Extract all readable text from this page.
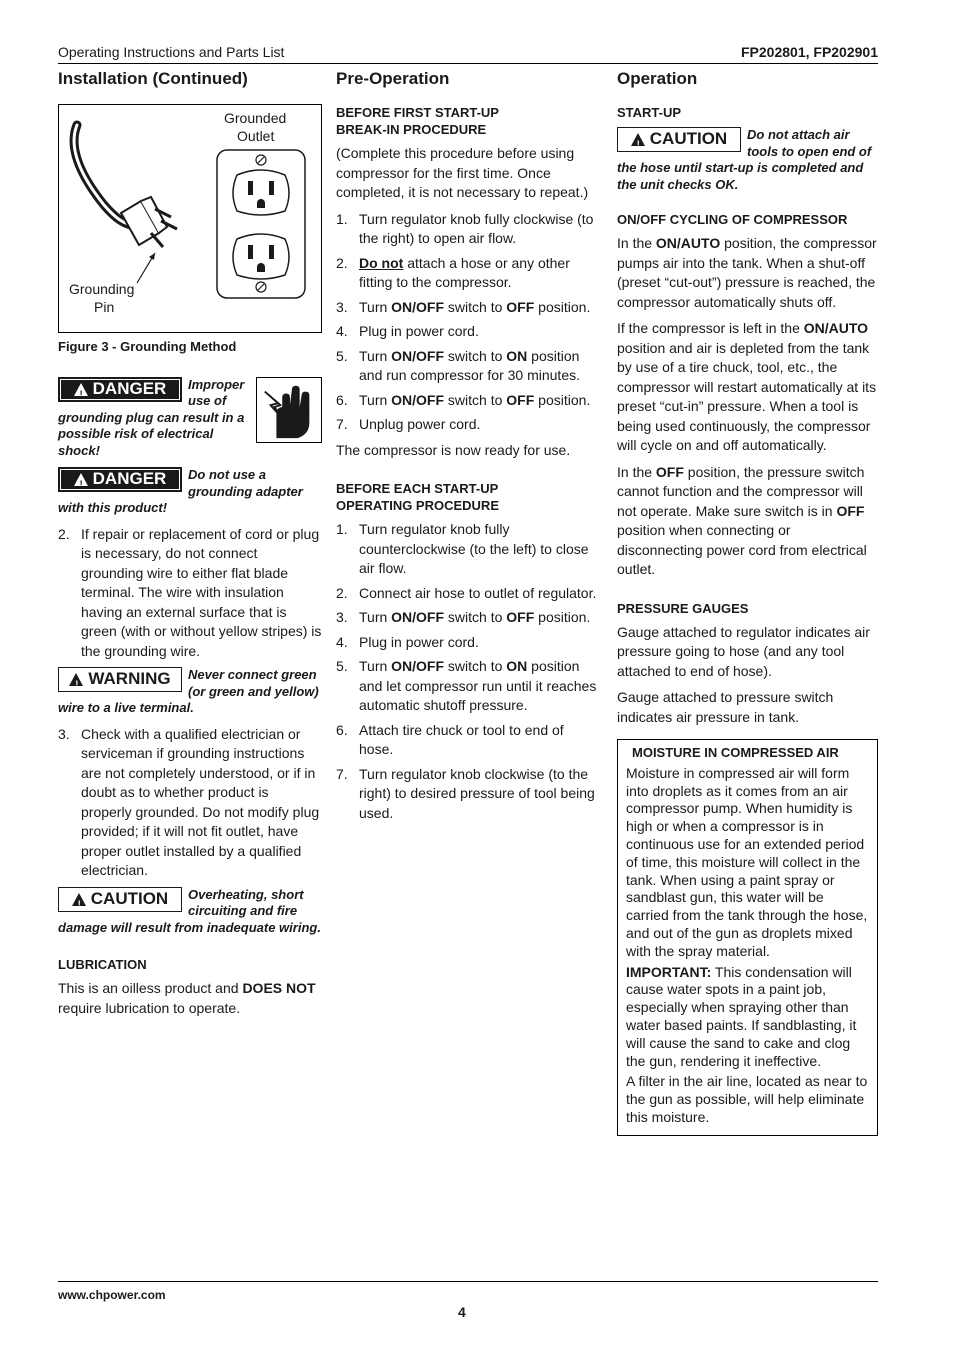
Operating Instructions and Parts List	FP202801, FP202901
Installation (Continued)
Grounded
Outlet
Grounding
Pin
Figure 3 - Grounding Method
! DANGER Improper use of grounding plug can result in a possible risk of electrical shock!
! DANGER Do not use a grounding adapter with this product!
2. If repair or replacement of cord or plug is necessary, do not connect grounding wire to either flat blade terminal. The wire with insulation having an external surface that is green (with or without yellow stripes) is the grounding wire.
! WARNING Never connect green (or green and yellow) wire to a live terminal.
3. Check with a qualified electrician or serviceman if grounding instructions are not completely understood, or if in doubt as to whether product is properly grounded. Do not modify plug provided; if it will not fit outlet, have proper outlet installed by a qualified electrician.
! CAUTION Overheating, short circuiting and fire damage will result from inadequate wiring.
LUBRICATION

This is an oilless product and DOES NOT require lubrication to operate.

Pre-Operation
BEFORE FIRST START-UP
BREAK-IN PROCEDURE

(Complete this procedure before using compressor for the first time. Once completed, it is not necessary to repeat.)

1. Turn regulator knob fully clockwise (to the right) to open air flow.
2. Do not attach a hose or any other fitting to the compressor.
3. Turn ON/OFF switch to OFF position.
4. Plug in power cord.
5. Turn ON/OFF switch to ON position and run compressor for 30 minutes.
6. Turn ON/OFF switch to OFF position.
7. Unplug power cord.

The compressor is now ready for use.

BEFORE EACH START-UP
OPERATING PROCEDURE
1. Turn regulator knob fully counterclockwise (to the left) to close air flow.
2. Connect air hose to outlet of regulator.
3. Turn ON/OFF switch to OFF position.
4. Plug in power cord.
5. Turn ON/OFF switch to ON position and let compressor run until it reaches automatic shutoff pressure.
6. Attach tire chuck or tool to end of hose.
7. Turn regulator knob clockwise (to the right) to desired pressure of tool being used.
Operation
START-UP
! CAUTION Do not attach air tools to open end of the hose until start-up is completed and the unit checks OK.
ON/OFF CYCLING OF COMPRESSOR

In the ON/AUTO position, the compressor pumps air into the tank. When a shut-off (preset “cut-out”) pressure is reached, the compressor automatically shuts off.

If the compressor is left in the ON/AUTO position and air is depleted from the tank by use of a tire chuck, tool, etc., the compressor will restart automatically at its preset “cut-in” pressure. When a tool is being used continuously, the compressor will cycle on and off automatically.

In the OFF position, the pressure switch cannot function and the compressor will not operate. Make sure switch is in OFF position when connecting or disconnecting power cord from electrical outlet.

PRESSURE GAUGES

Gauge attached to regulator indicates air pressure going to hose (and any tool attached to end of hose).

Gauge attached to pressure switch indicates air pressure in tank.

MOISTURE IN COMPRESSED AIR

Moisture in compressed air will form into droplets as it comes from an air compressor pump. When humidity is high or when a compressor is in continuous use for an extended period of time, this moisture will collect in the tank. When using a paint spray or sandblast gun, this water will be carried from the tank through the hose, and out of the gun as droplets mixed with the spray material.

IMPORTANT: This condensation will cause water spots in a paint job, especially when spraying other than water based paints. If sandblasting, it will cause the sand to cake and clog the gun, rendering it ineffective.

A filter in the air line, located as near to the gun as possible, will help eliminate this moisture.

www.chpower.com
4
